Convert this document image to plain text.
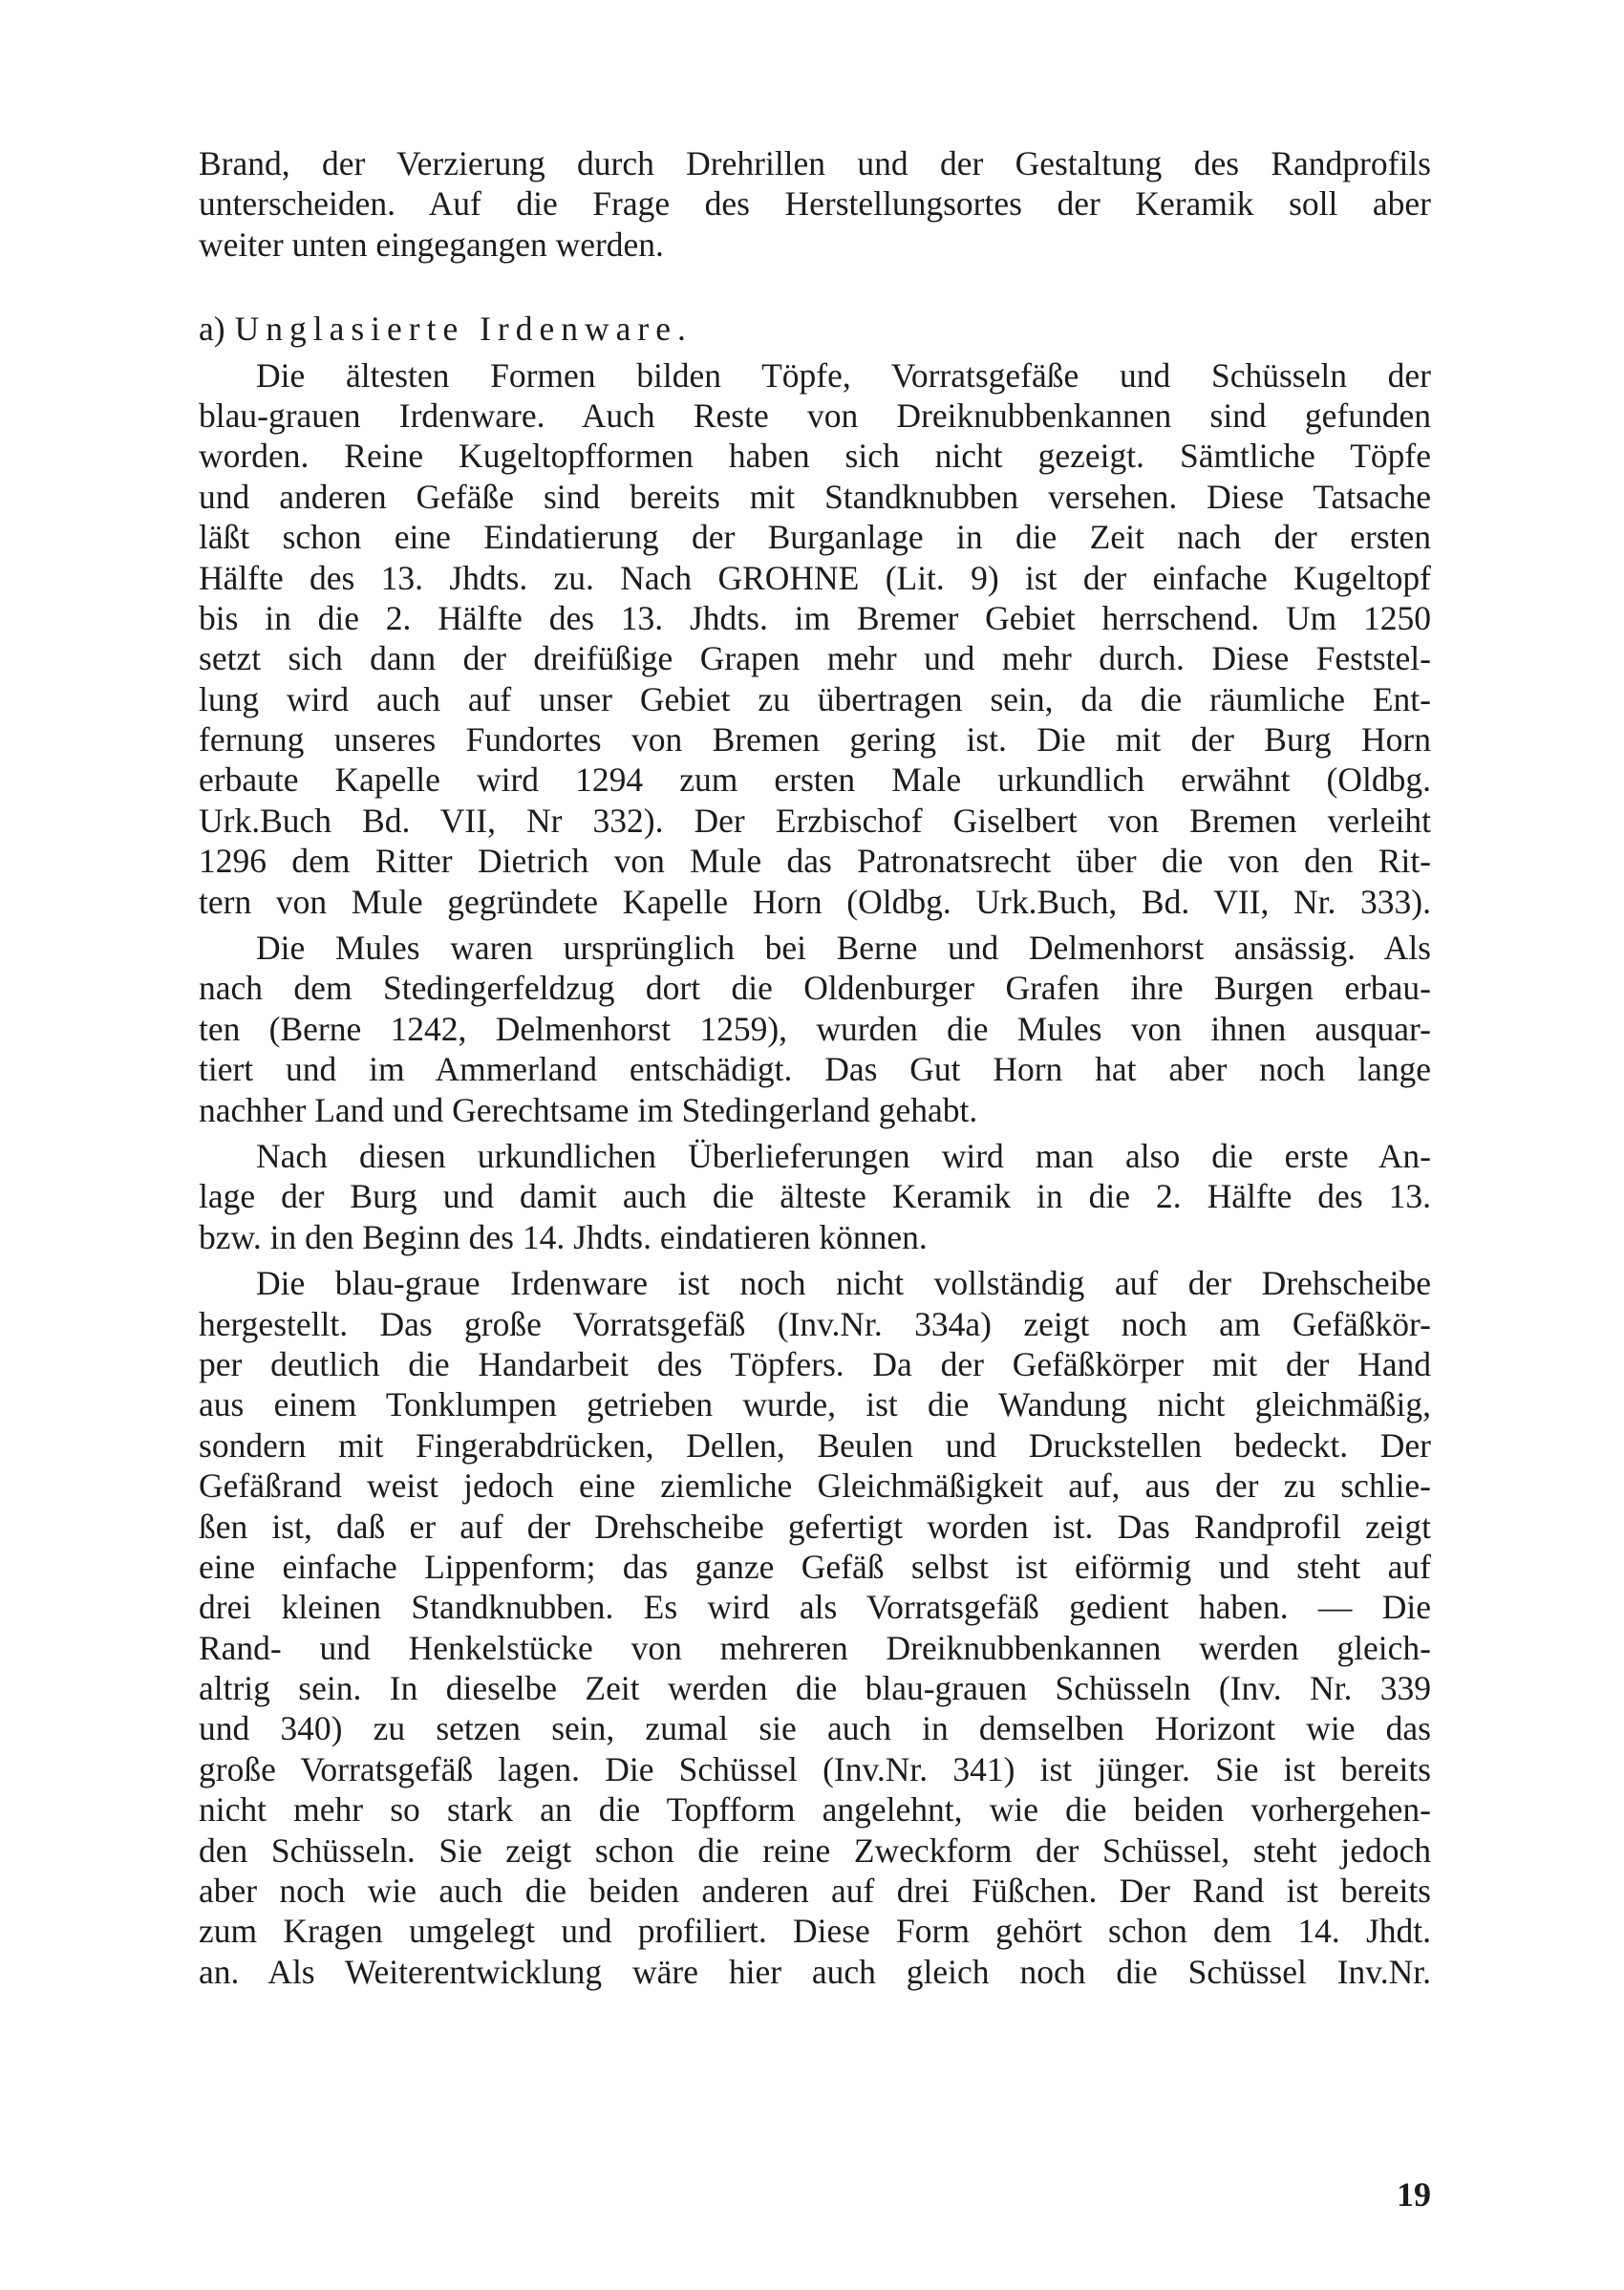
Brand, der Verzierung durch Drehrillen und der Gestaltung des Randprofils
unterscheiden. Auf die Frage des Herstellungsortes der Keramik soll aber
weiter unten eingegangen werden.
a) Unglasierte Irdenware.
Die ältesten Formen bilden Töpfe, Vorratsgefäße und Schüsseln der
blau-grauen Irdenware. Auch Reste von Dreiknubbenkannen sind gefunden
worden. Reine Kugeltopfformen haben sich nicht gezeigt. Sämtliche Töpfe
und anderen Gefäße sind bereits mit Standknubben versehen. Diese Tatsache
läßt schon eine Eindatierung der Burganlage in die Zeit nach der ersten
Hälfte des 13. Jhdts. zu. Nach GROHNE (Lit. 9) ist der einfache Kugeltopf
bis in die 2. Hälfte des 13. Jhdts. im Bremer Gebiet herrschend. Um 1250
setzt sich dann der dreifüßige Grapen mehr und mehr durch. Diese Feststel-
lung wird auch auf unser Gebiet zu übertragen sein, da die räumliche Ent-
fernung unseres Fundortes von Bremen gering ist. Die mit der Burg Horn
erbaute Kapelle wird 1294 zum ersten Male urkundlich erwähnt (Oldbg.
Urk.Buch Bd. VII, Nr 332). Der Erzbischof Giselbert von Bremen verleiht
1296 dem Ritter Dietrich von Mule das Patronatsrecht über die von den Rit-
tern von Mule gegründete Kapelle Horn (Oldbg. Urk.Buch, Bd. VII, Nr. 333).
Die Mules waren ursprünglich bei Berne und Delmenhorst ansässig. Als
nach dem Stedingerfeldzug dort die Oldenburger Grafen ihre Burgen erbau-
ten (Berne 1242, Delmenhorst 1259), wurden die Mules von ihnen ausquar-
tiert und im Ammerland entschädigt. Das Gut Horn hat aber noch lange
nachher Land und Gerechtsame im Stedingerland gehabt.
Nach diesen urkundlichen Überlieferungen wird man also die erste An-
lage der Burg und damit auch die älteste Keramik in die 2. Hälfte des 13.
bzw. in den Beginn des 14. Jhdts. eindatieren können.
Die blau-graue Irdenware ist noch nicht vollständig auf der Drehscheibe
hergestellt. Das große Vorratsgefäß (Inv.Nr. 334a) zeigt noch am Gefäßkör-
per deutlich die Handarbeit des Töpfers. Da der Gefäßkörper mit der Hand
aus einem Tonklumpen getrieben wurde, ist die Wandung nicht gleichmäßig,
sondern mit Fingerabdrücken, Dellen, Beulen und Druckstellen bedeckt. Der
Gefäßrand weist jedoch eine ziemliche Gleichmäßigkeit auf, aus der zu schlie-
ßen ist, daß er auf der Drehscheibe gefertigt worden ist. Das Randprofil zeigt
eine einfache Lippenform; das ganze Gefäß selbst ist eiförmig und steht auf
drei kleinen Standknubben. Es wird als Vorratsgefäß gedient haben. — Die
Rand- und Henkelstücke von mehreren Dreiknubbenkannen werden gleich-
altrig sein. In dieselbe Zeit werden die blau-grauen Schüsseln (Inv. Nr. 339
und 340) zu setzen sein, zumal sie auch in demselben Horizont wie das
große Vorratsgefäß lagen. Die Schüssel (Inv.Nr. 341) ist jünger. Sie ist bereits
nicht mehr so stark an die Topfform angelehnt, wie die beiden vorhergehen-
den Schüsseln. Sie zeigt schon die reine Zweckform der Schüssel, steht jedoch
aber noch wie auch die beiden anderen auf drei Füßchen. Der Rand ist bereits
zum Kragen umgelegt und profiliert. Diese Form gehört schon dem 14. Jhdt.
an. Als Weiterentwicklung wäre hier auch gleich noch die Schüssel Inv.Nr.
19
